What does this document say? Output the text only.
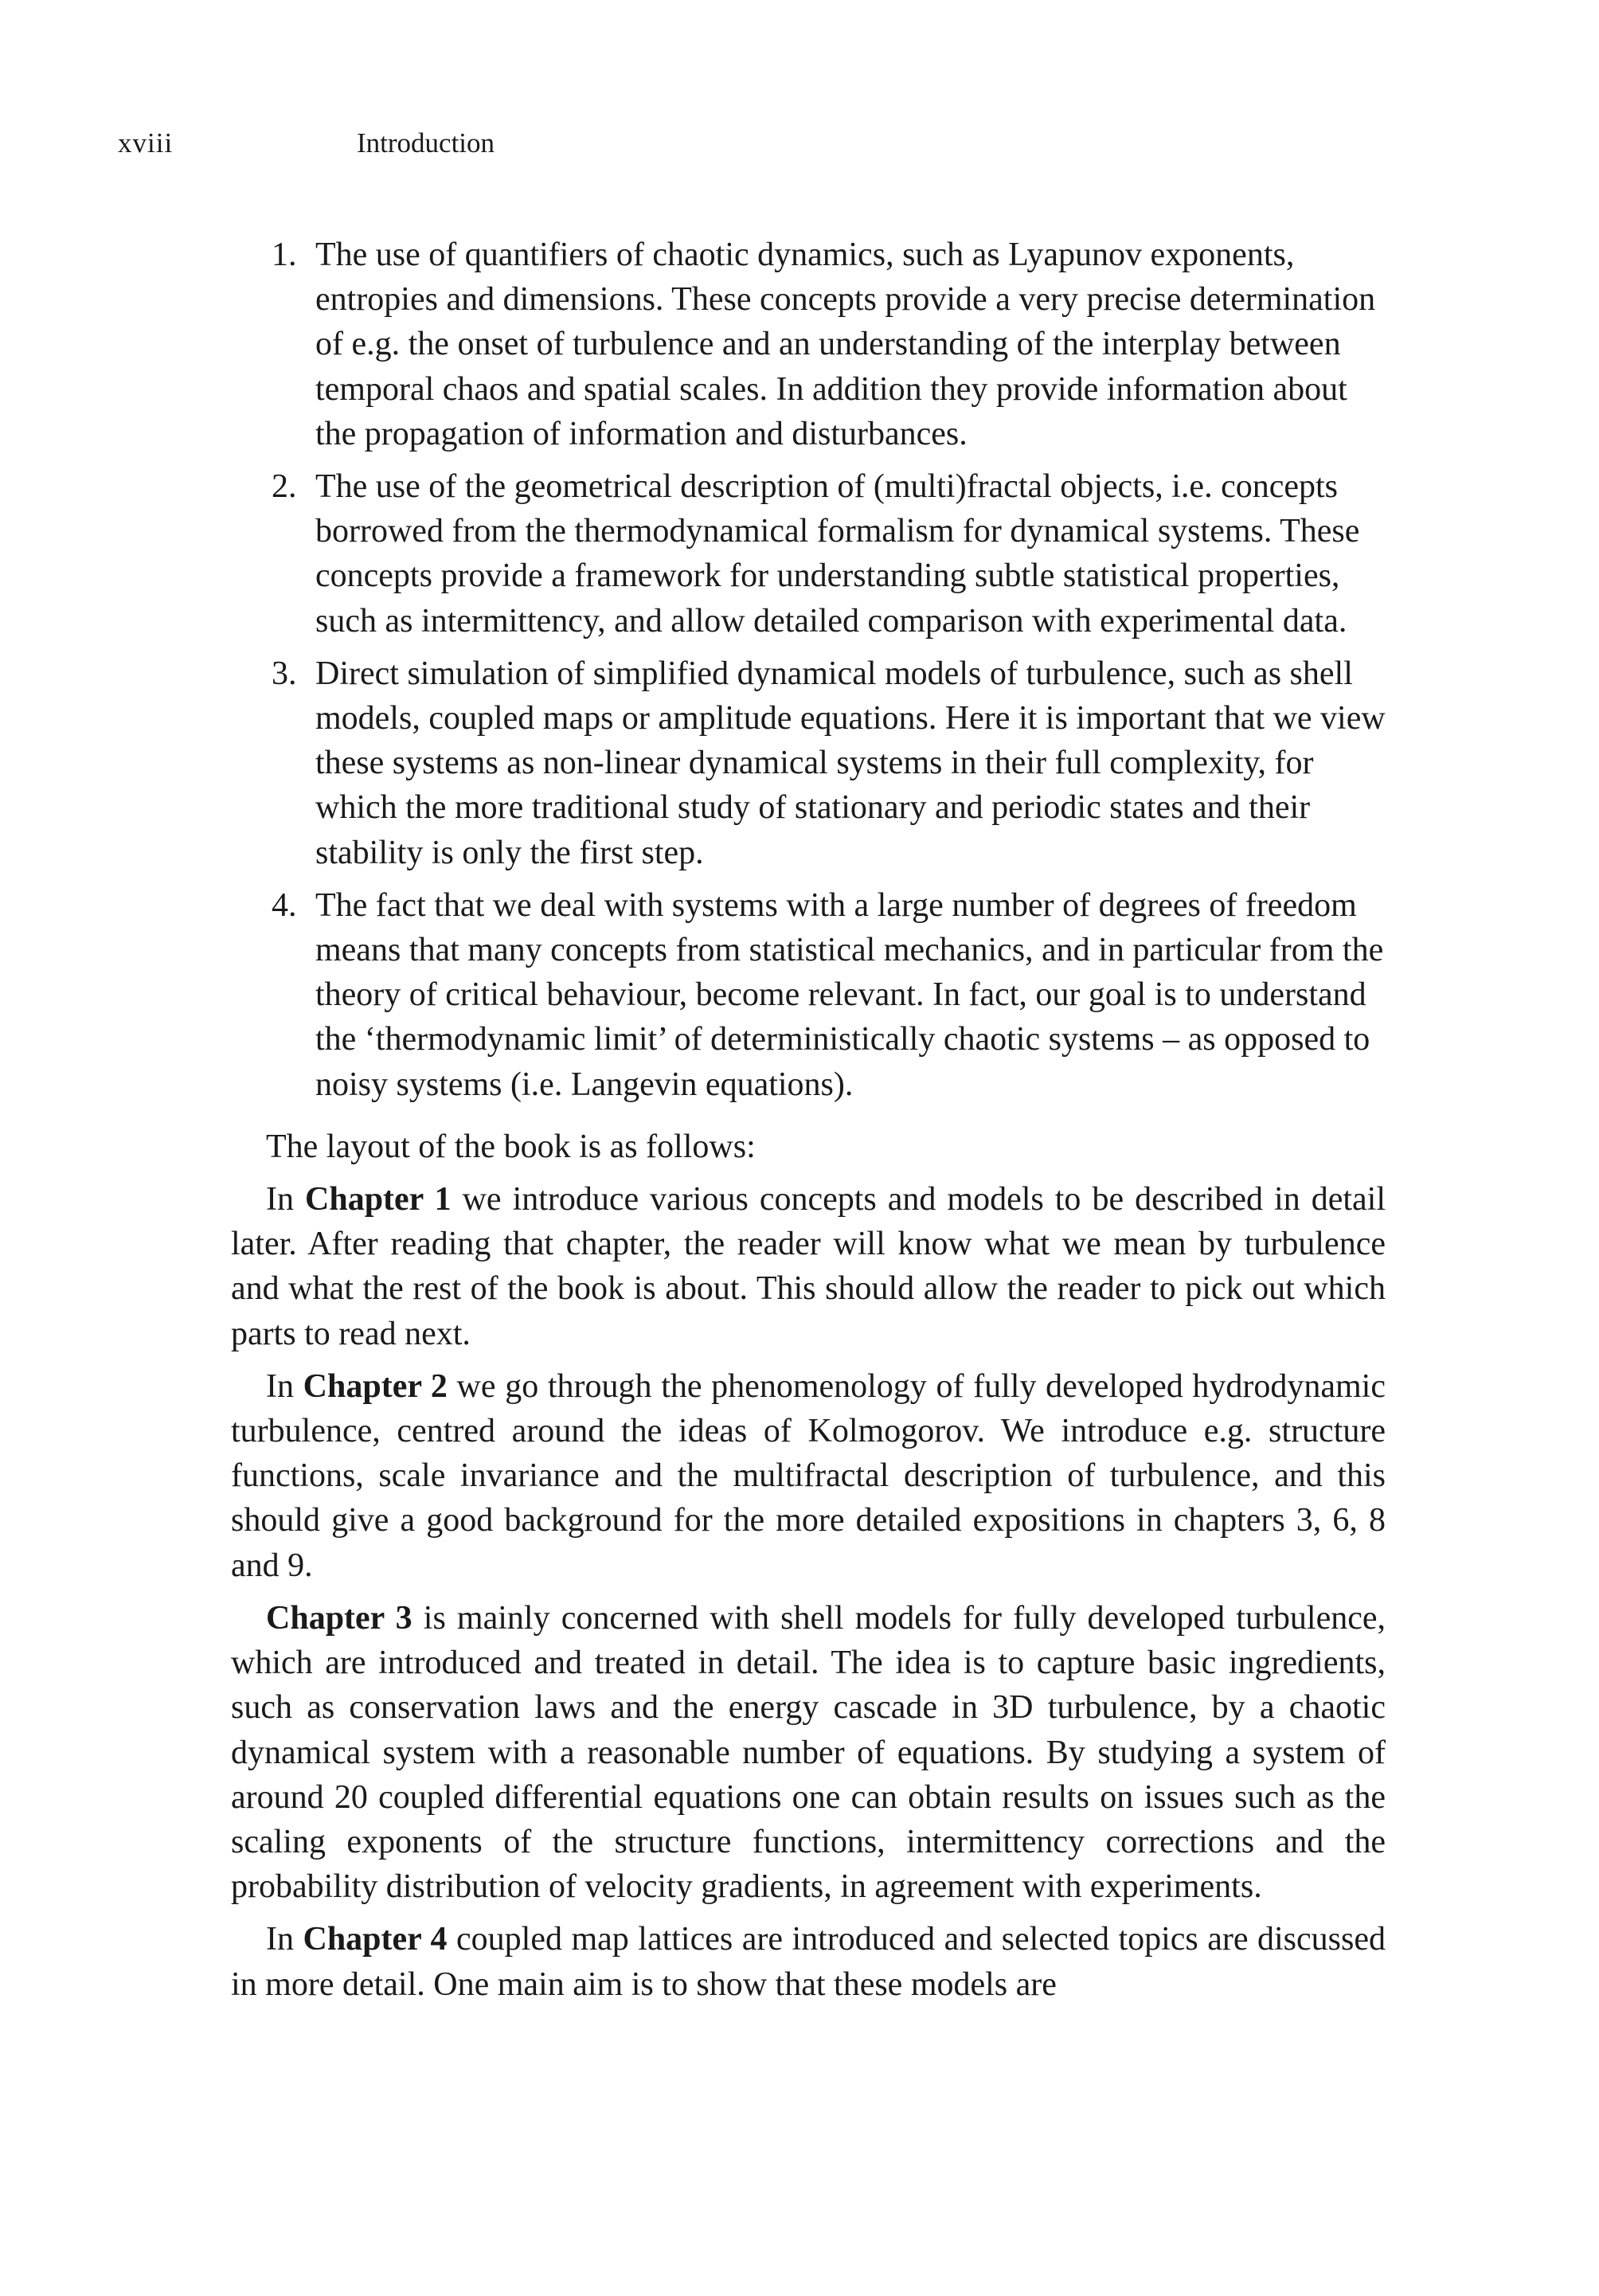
xviii	Introduction
1. The use of quantifiers of chaotic dynamics, such as Lyapunov exponents, entropies and dimensions. These concepts provide a very precise determination of e.g. the onset of turbulence and an understanding of the interplay between temporal chaos and spatial scales. In addition they provide information about the propagation of information and disturbances.
2. The use of the geometrical description of (multi)fractal objects, i.e. concepts borrowed from the thermodynamical formalism for dynamical systems. These concepts provide a framework for understanding subtle statistical properties, such as intermittency, and allow detailed comparison with experimental data.
3. Direct simulation of simplified dynamical models of turbulence, such as shell models, coupled maps or amplitude equations. Here it is important that we view these systems as non-linear dynamical systems in their full complexity, for which the more traditional study of stationary and periodic states and their stability is only the first step.
4. The fact that we deal with systems with a large number of degrees of freedom means that many concepts from statistical mechanics, and in particular from the theory of critical behaviour, become relevant. In fact, our goal is to understand the ‘thermodynamic limit’ of deterministically chaotic systems – as opposed to noisy systems (i.e. Langevin equations).

The layout of the book is as follows:

In Chapter 1 we introduce various concepts and models to be described in detail later. After reading that chapter, the reader will know what we mean by turbulence and what the rest of the book is about. This should allow the reader to pick out which parts to read next.

In Chapter 2 we go through the phenomenology of fully developed hydrodynamic turbulence, centred around the ideas of Kolmogorov. We introduce e.g. structure functions, scale invariance and the multifractal description of turbulence, and this should give a good background for the more detailed expositions in chapters 3, 6, 8 and 9.

Chapter 3 is mainly concerned with shell models for fully developed turbulence, which are introduced and treated in detail. The idea is to capture basic ingredients, such as conservation laws and the energy cascade in 3D turbulence, by a chaotic dynamical system with a reasonable number of equations. By studying a system of around 20 coupled differential equations one can obtain results on issues such as the scaling exponents of the structure functions, intermittency corrections and the probability distribution of velocity gradients, in agreement with experiments.

In Chapter 4 coupled map lattices are introduced and selected topics are discussed in more detail. One main aim is to show that these models are
